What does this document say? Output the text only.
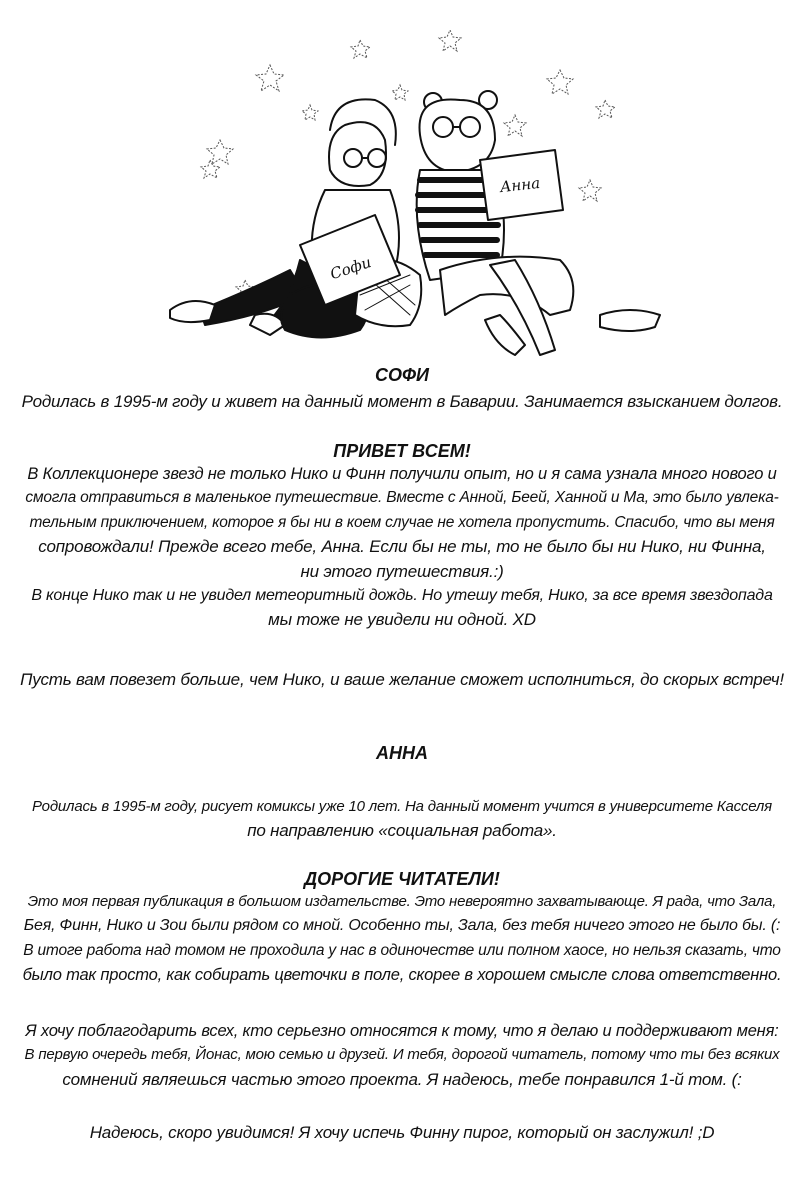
Софи
Анна
СОФИ
Родилась в 1995-м году и живет на данный момент в Баварии. Занимается взысканием долгов.
ПРИВЕТ ВСЕМ!
В Коллекционере звезд не только Нико и Финн получили опыт, но и я сама узнала много нового и
смогла отправиться в маленькое путешествие. Вместе с Анной, Беей, Ханной и Ма, это было увлека-
тельным приключением, которое я бы ни в коем случае не хотела пропустить. Спасибо, что вы меня
сопровождали! Прежде всего тебе, Анна. Если бы не ты, то не было бы ни Нико, ни Финна,
ни этого путешествия.:)
В конце Нико так и не увидел метеоритный дождь. Но утешу тебя, Нико, за все время звездопада
мы тоже не увидели ни одной. XD
Пусть вам повезет больше, чем Нико, и ваше желание сможет исполниться, до скорых встреч!
АННА
Родилась в 1995-м году, рисует комиксы уже 10 лет. На данный момент учится в университете Касселя
по направлению «социальная работа».
ДОРОГИЕ ЧИТАТЕЛИ!
Это моя первая публикация в большом издательстве. Это невероятно захватывающе. Я рада, что Зала,
Бея, Финн, Нико и Зои были рядом со мной. Особенно ты, Зала, без тебя ничего этого не было бы. (:
В итоге работа над томом не проходила у нас в одиночестве или полном хаосе, но нельзя сказать, что
было так просто, как собирать цветочки в поле, скорее в хорошем смысле слова ответственно.
Я хочу поблагодарить всех, кто серьезно относятся к тому, что я делаю и поддерживают меня:
В первую очередь тебя, Йонас, мою семью и друзей. И тебя, дорогой читатель, потому что ты без всяких
сомнений являешься частью этого проекта. Я надеюсь, тебе понравился 1-й том. (:
Надеюсь, скоро увидимся! Я хочу испечь Финну пирог, который он заслужил! ;D
